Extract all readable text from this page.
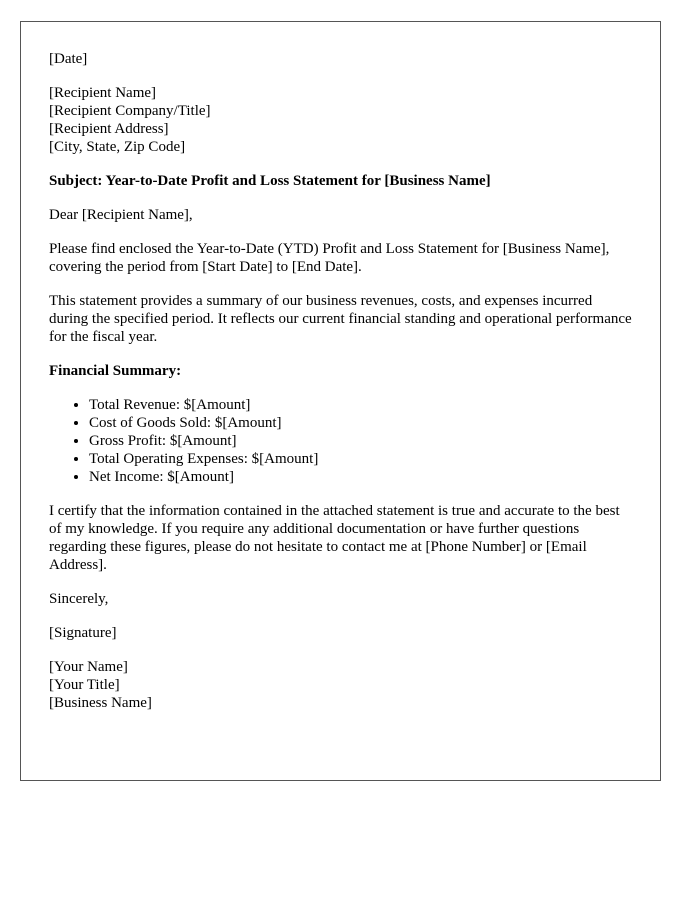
[Date]

[Recipient Name]
[Recipient Company/Title]
[Recipient Address]
[City, State, Zip Code]

Subject: Year-to-Date Profit and Loss Statement for [Business Name]

Dear [Recipient Name],

Please find enclosed the Year-to-Date (YTD) Profit and Loss Statement for [Business Name], covering the period from [Start Date] to [End Date].

This statement provides a summary of our business revenues, costs, and expenses incurred during the specified period. It reflects our current financial standing and operational performance for the fiscal year.

Financial Summary:

• Total Revenue: $[Amount]
• Cost of Goods Sold: $[Amount]
• Gross Profit: $[Amount]
• Total Operating Expenses: $[Amount]
• Net Income: $[Amount]

I certify that the information contained in the attached statement is true and accurate to the best of my knowledge. If you require any additional documentation or have further questions regarding these figures, please do not hesitate to contact me at [Phone Number] or [Email Address].

Sincerely,

[Signature]

[Your Name]
[Your Title]
[Business Name]
